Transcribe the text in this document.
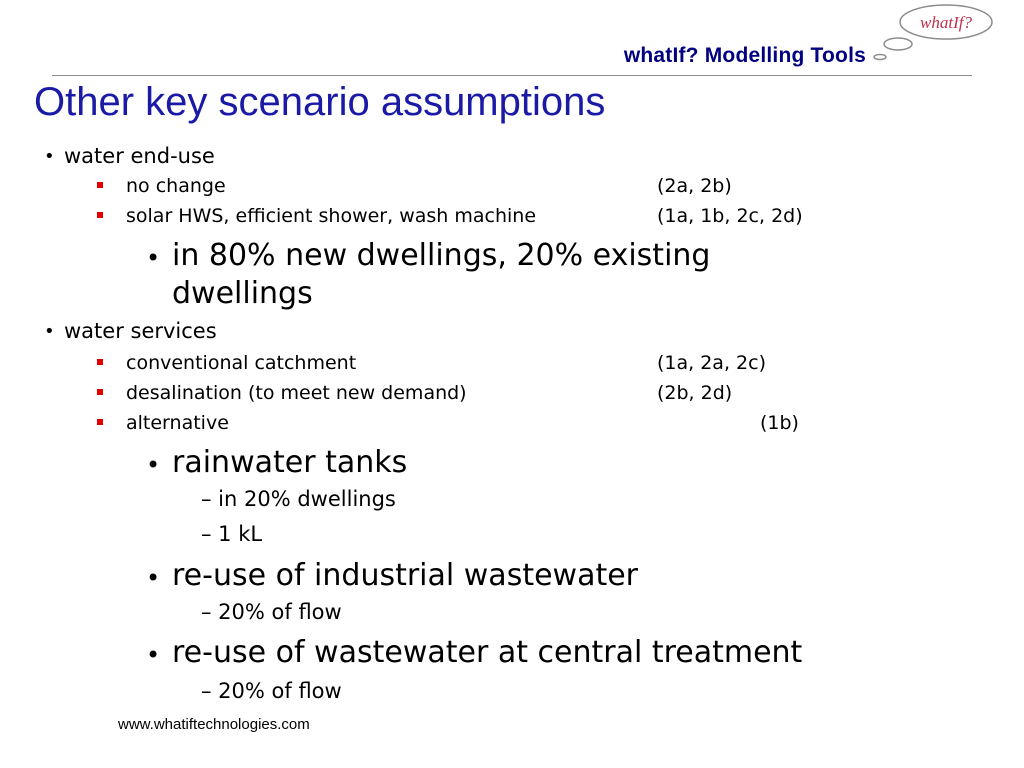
whatIf? Modelling Tools
whatIf?
Other key scenario assumptions
• water end-use
no change	(2a, 2b)
solar HWS, efficient shower, wash machine	(1a, 1b, 2c, 2d)
• in 80% new dwellings, 20% existing
dwellings
• water services
conventional catchment	(1a, 2a, 2c)
desalination (to meet new demand)	(2b, 2d)
alternative	(1b)
• rainwater tanks
– in 20% dwellings
– 1 kL
• re-use of industrial wastewater
– 20% of flow
• re-use of wastewater at central treatment
– 20% of flow
www.whatiftechnologies.com
